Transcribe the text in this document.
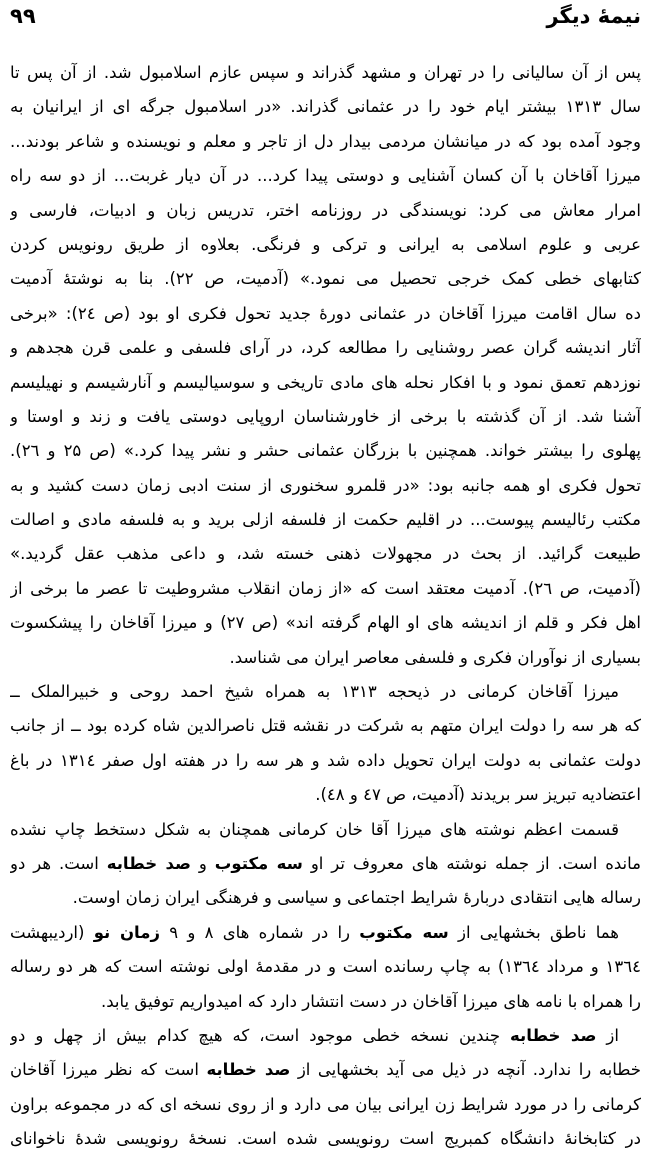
نیمهٔ دیگر
۹۹
پس از آن سالیانی را در تهران و مشهد گذراند و سپس عازم اسلامبول شد. از آن پس تا
سال ۱۳۱۳ بیشتر ایام خود را در عثمانی گذراند. «در اسلامبول جرگه ای از ایرانیان به
وجود آمده بود که در میانشان مردمی بیدار دل از تاجر و معلم و نویسنده و شاعر بودند...
میرزا آقاخان با آن کسان آشنایی و دوستی پیدا کرد... در آن دیار غربت... از دو سه راه
امرار معاش می کرد: نویسندگی در روزنامه اختر، تدریس زبان و ادبیات، فارسی و
عربی و علوم اسلامی به ایرانی و ترکی و فرنگی. بعلاوه از طریق رونویس کردن
کتابهای خطی کمک خرجی تحصیل می نمود.» (آدمیت، ص ۲۲). بنا به نوشتهٔ آدمیت
ده سال اقامت میرزا آقاخان در عثمانی دورهٔ جدید تحول فکری او بود (ص ۲٤): «برخی
آثار اندیشه گران عصر روشنایی را مطالعه کرد، در آرای فلسفی و علمی قرن هجدهم و
نوزدهم تعمق نمود و با افکار نحله های مادی تاریخی و سوسیالیسم و آنارشیسم و نهیلیسم
آشنا شد. از آن گذشته با برخی از خاورشناسان اروپایی دوستی یافت و زند و اوستا و
پهلوی را بیشتر خواند. همچنین با بزرگان عثمانی حشر و نشر پیدا کرد.» (ص ۲۵ و ۲٦).
تحول فکری او همه جانبه بود: «در قلمرو سخنوری از سنت ادبی زمان دست کشید و به
مکتب رئالیسم پیوست... در اقلیم حکمت از فلسفه ازلی برید و به فلسفه مادی و اصالت
طبیعت گرائید. از بحث در مجهولات ذهنی خسته شد، و داعی مذهب عقل گردید.»
(آدمیت، ص ۲٦). آدمیت معتقد است که «از زمان انقلاب مشروطیت تا عصر ما برخی از
اهل فکر و قلم از اندیشه های او الهام گرفته اند» (ص ۲۷) و میرزا آقاخان را پیشکسوت
بسیاری از نوآوران فکری و فلسفی معاصر ایران می شناسد.
میرزا آقاخان کرمانی در ذیحجه ۱۳۱۳ به همراه شیخ احمد روحی و خبیرالملک ــ
که هر سه را دولت ایران متهم به شرکت در نقشه قتل ناصرالدین شاه کرده بود ــ از جانب
دولت عثمانی به دولت ایران تحویل داده شد و هر سه را در هفته اول صفر ۱۳۱٤ در باغ
اعتضادیه تبریز سر بریدند (آدمیت، ص ٤۷ و ٤۸).
قسمت اعظم نوشته های میرزا آقا خان کرمانی همچنان به شکل دستخط چاپ نشده
مانده است. از جمله نوشته های معروف تر او سه مکتوب و صد خطابه است. هر دو
رساله هایی انتقادی دربارهٔ شرایط اجتماعی و سیاسی و فرهنگی ایران زمان اوست.
هما ناطق بخشهایی از سه مکتوب را در شماره های ۸ و ۹ زمان نو (اردیبهشت
۱۳٦٤ و مرداد ۱۳٦٤) به چاپ رسانده است و در مقدمهٔ اولی نوشته است که هر دو رساله
را همراه با نامه های میرزا آقاخان در دست انتشار دارد که امیدواریم توفیق یابد.
از صد خطابه چندین نسخه خطی موجود است، که هیچ کدام بیش از چهل و دو
خطابه را ندارد. آنچه در ذیل می آید بخشهایی از صد خطابه است که نظر میرزا آقاخان
کرمانی را در مورد شرایط زن ایرانی بیان می دارد و از روی نسخه ای که در مجموعه براون
در کتابخانهٔ دانشگاه کمبریج است رونویسی شده است. نسخهٔ رونویسی شدهٔ ناخوانای
